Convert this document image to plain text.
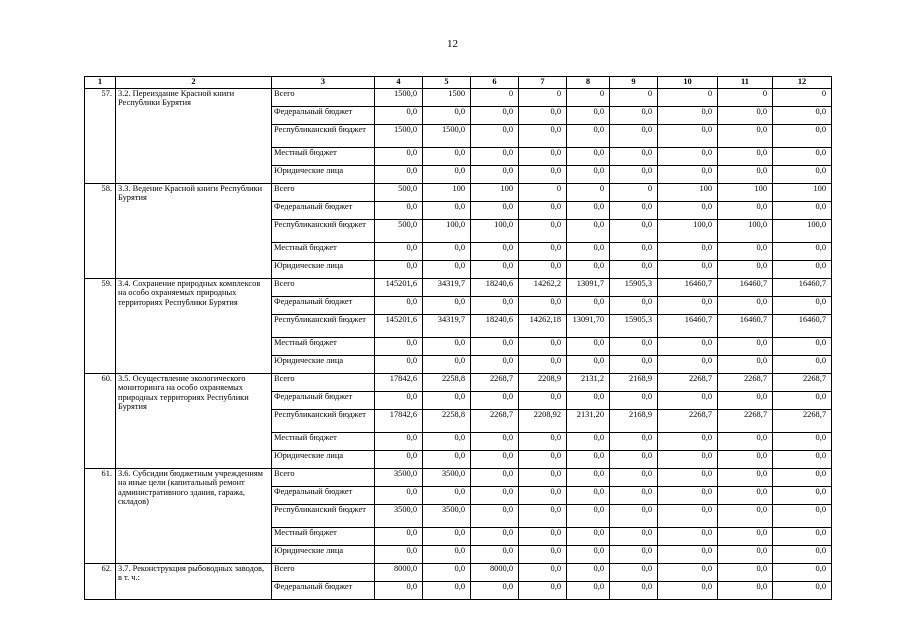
12
1	2	3	4	5	6	7	8	9	10	11	12
57.	3.2. Переиздание Красной книги Республики Бурятия	Всего	1500,0	1500	0	0	0	0	0	0	0
		Федеральный бюджет	0,0	0,0	0,0	0,0	0,0	0,0	0,0	0,0	0,0
		Республиканский бюджет	1500,0	1500,0	0,0	0,0	0,0	0,0	0,0	0,0	0,0
		Местный бюджет	0,0	0,0	0,0	0,0	0,0	0,0	0,0	0,0	0,0
		Юридические лица	0,0	0,0	0,0	0,0	0,0	0,0	0,0	0,0	0,0
58.	3.3. Ведение Красной книги Республики Бурятия	Всего	500,0	100	100	0	0	0	100	100	100
		Федеральный бюджет	0,0	0,0	0,0	0,0	0,0	0,0	0,0	0,0	0,0
		Республиканский бюджет	500,0	100,0	100,0	0,0	0,0	0,0	100,0	100,0	100,0
		Местный бюджет	0,0	0,0	0,0	0,0	0,0	0,0	0,0	0,0	0,0
		Юридические лица	0,0	0,0	0,0	0,0	0,0	0,0	0,0	0,0	0,0
59.	3.4. Сохранение природных комплексов на особо охраняемых природных территориях Республики Бурятия	Всего	145201,6	34319,7	18240,6	14262,2	13091,7	15905,3	16460,7	16460,7	16460,7
		Федеральный бюджет	0,0	0,0	0,0	0,0	0,0	0,0	0,0	0,0	0,0
		Республиканский бюджет	145201,6	34319,7	18240,6	14262,18	13091,70	15905,3	16460,7	16460,7	16460,7
		Местный бюджет	0,0	0,0	0,0	0,0	0,0	0,0	0,0	0,0	0,0
		Юридические лица	0,0	0,0	0,0	0,0	0,0	0,0	0,0	0,0	0,0
60.	3.5. Осуществление экологического мониторинга на особо охраняемых природных территориях Республики Бурятия	Всего	17842,6	2258,8	2268,7	2208,9	2131,2	2168,9	2268,7	2268,7	2268,7
		Федеральный бюджет	0,0	0,0	0,0	0,0	0,0	0,0	0,0	0,0	0,0
		Республиканский бюджет	17842,6	2258,8	2268,7	2208,92	2131,20	2168,9	2268,7	2268,7	2268,7
		Местный бюджет	0,0	0,0	0,0	0,0	0,0	0,0	0,0	0,0	0,0
		Юридические лица	0,0	0,0	0,0	0,0	0,0	0,0	0,0	0,0	0,0
61.	3.6. Субсидии бюджетным учреждениям на иные цели (капитальный ремонт административного здания, гаража, складов)	Всего	3500,0	3500,0	0,0	0,0	0,0	0,0	0,0	0,0	0,0
		Федеральный бюджет	0,0	0,0	0,0	0,0	0,0	0,0	0,0	0,0	0,0
		Республиканский бюджет	3500,0	3500,0	0,0	0,0	0,0	0,0	0,0	0,0	0,0
		Местный бюджет	0,0	0,0	0,0	0,0	0,0	0,0	0,0	0,0	0,0
		Юридические лица	0,0	0,0	0,0	0,0	0,0	0,0	0,0	0,0	0,0
62.	3.7. Реконструкция рыбоводных заводов, в т. ч.:	Всего	8000,0	0,0	8000,0	0,0	0,0	0,0	0,0	0,0	0,0
		Федеральный бюджет	0,0	0,0	0,0	0,0	0,0	0,0	0,0	0,0	0,0
